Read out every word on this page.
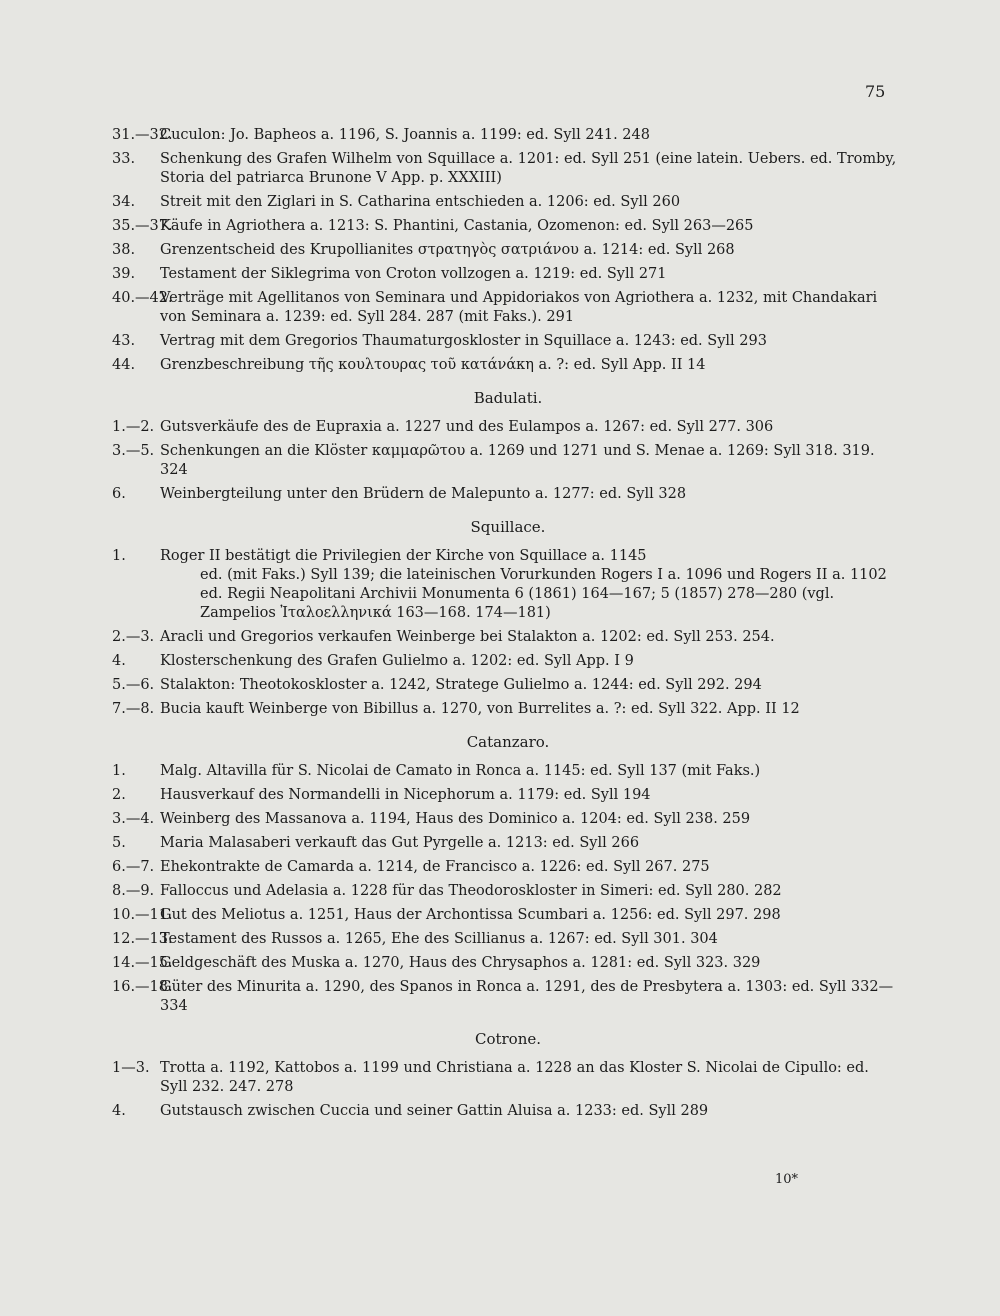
75
31.—32.
Cuculon: Jo. Bapheos a. 1196, S. Joannis a. 1199: ed. Syll 241. 248
33. Schenkung des Grafen Wilhelm von Squillace a. 1201: ed. Syll 251 (eine latein. Uebers. ed. Tromby, Storia del patriarca Brunone V App. p. XXXIII)
34. Streit mit den Ziglari in S. Catharina entschieden a. 1206: ed. Syll 260
35.—37.
Käufe in Agriothera a. 1213: S. Phantini, Castania, Ozomenon: ed. Syll 263—265
38. Grenzentscheid des Krupollianites στρατηγὸς σατριάνου a. 1214: ed. Syll 268
39. Testament der Siklegrima von Croton vollzogen a. 1219: ed. Syll 271
40.—42.
Verträge mit Agellitanos von Seminara und Appidoriakos von Agriothera a. 1232, mit Chandakari von Seminara a. 1239: ed. Syll 284. 287 (mit Faks.). 291
43. Vertrag mit dem Gregorios Thaumaturgoskloster in Squillace a. 1243: ed. Syll 293
44. Grenzbeschreibung τῆς κουλτουρας τοῦ κατάνάκη a. ?: ed. Syll App. II 14
Badulati.
1.—2. Gutsverkäufe des de Eupraxia a. 1227 und des Eulampos a. 1267: ed. Syll 277. 306
3.—5. Schenkungen an die Klöster καμμαρῶτου a. 1269 und 1271 und S. Menae a. 1269: Syll 318. 319. 324
6. Weinbergteilung unter den Brüdern de Malepunto a. 1277: ed. Syll 328
Squillace.
1. Roger II bestätigt die Privilegien der Kirche von Squillace a. 1145
ed. (mit Faks.) Syll 139; die lateinischen Vorurkunden Rogers I a. 1096 und Rogers II a. 1102 ed. Regii Neapolitani Archivii Monumenta 6 (1861) 164—167; 5 (1857) 278—280 (vgl. Zampelios Ἰταλοελληνικά 163—168. 174—181)
2.—3. Aracli und Gregorios verkaufen Weinberge bei Stalakton a. 1202: ed. Syll 253. 254.
4. Klosterschenkung des Grafen Gulielmo a. 1202: ed. Syll App. I 9
5.—6. Stalakton: Theotokoskloster a. 1242, Stratege Gulielmo a. 1244: ed. Syll 292. 294
7.—8. Bucia kauft Weinberge von Bibillus a. 1270, von Burrelites a. ?: ed. Syll 322. App. II 12
Catanzaro.
1. Malg. Altavilla für S. Nicolai de Camato in Ronca a. 1145: ed. Syll 137 (mit Faks.)
2. Hausverkauf des Normandelli in Nicephorum a. 1179: ed. Syll 194
3.—4. Weinberg des Massanova a. 1194, Haus des Dominico a. 1204: ed. Syll 238. 259
5. Maria Malasaberi verkauft das Gut Pyrgelle a. 1213: ed. Syll 266
6.—7. Ehekontrakte de Camarda a. 1214, de Francisco a. 1226: ed. Syll 267. 275
8.—9. Falloccus und Adelasia a. 1228 für das Theodoroskloster in Simeri: ed. Syll 280. 282
10.—11.
Gut des Meliotus a. 1251, Haus der Archontissa Scumbari a. 1256: ed. Syll 297. 298
12.—13.
Testament des Russos a. 1265, Ehe des Scillianus a. 1267: ed. Syll 301. 304
14.—15.
Geldgeschäft des Muska a. 1270, Haus des Chrysaphos a. 1281: ed. Syll 323. 329
16.—18.
Güter des Minurita a. 1290, des Spanos in Ronca a. 1291, des de Presbytera a. 1303: ed. Syll 332—334
Cotrone.
1—3. Trotta a. 1192, Kattobos a. 1199 und Christiana a. 1228 an das Kloster S. Nicolai de Cipullo: ed. Syll 232. 247. 278
4. Gutstausch zwischen Cuccia und seiner Gattin Aluisa a. 1233: ed. Syll 289
10*
